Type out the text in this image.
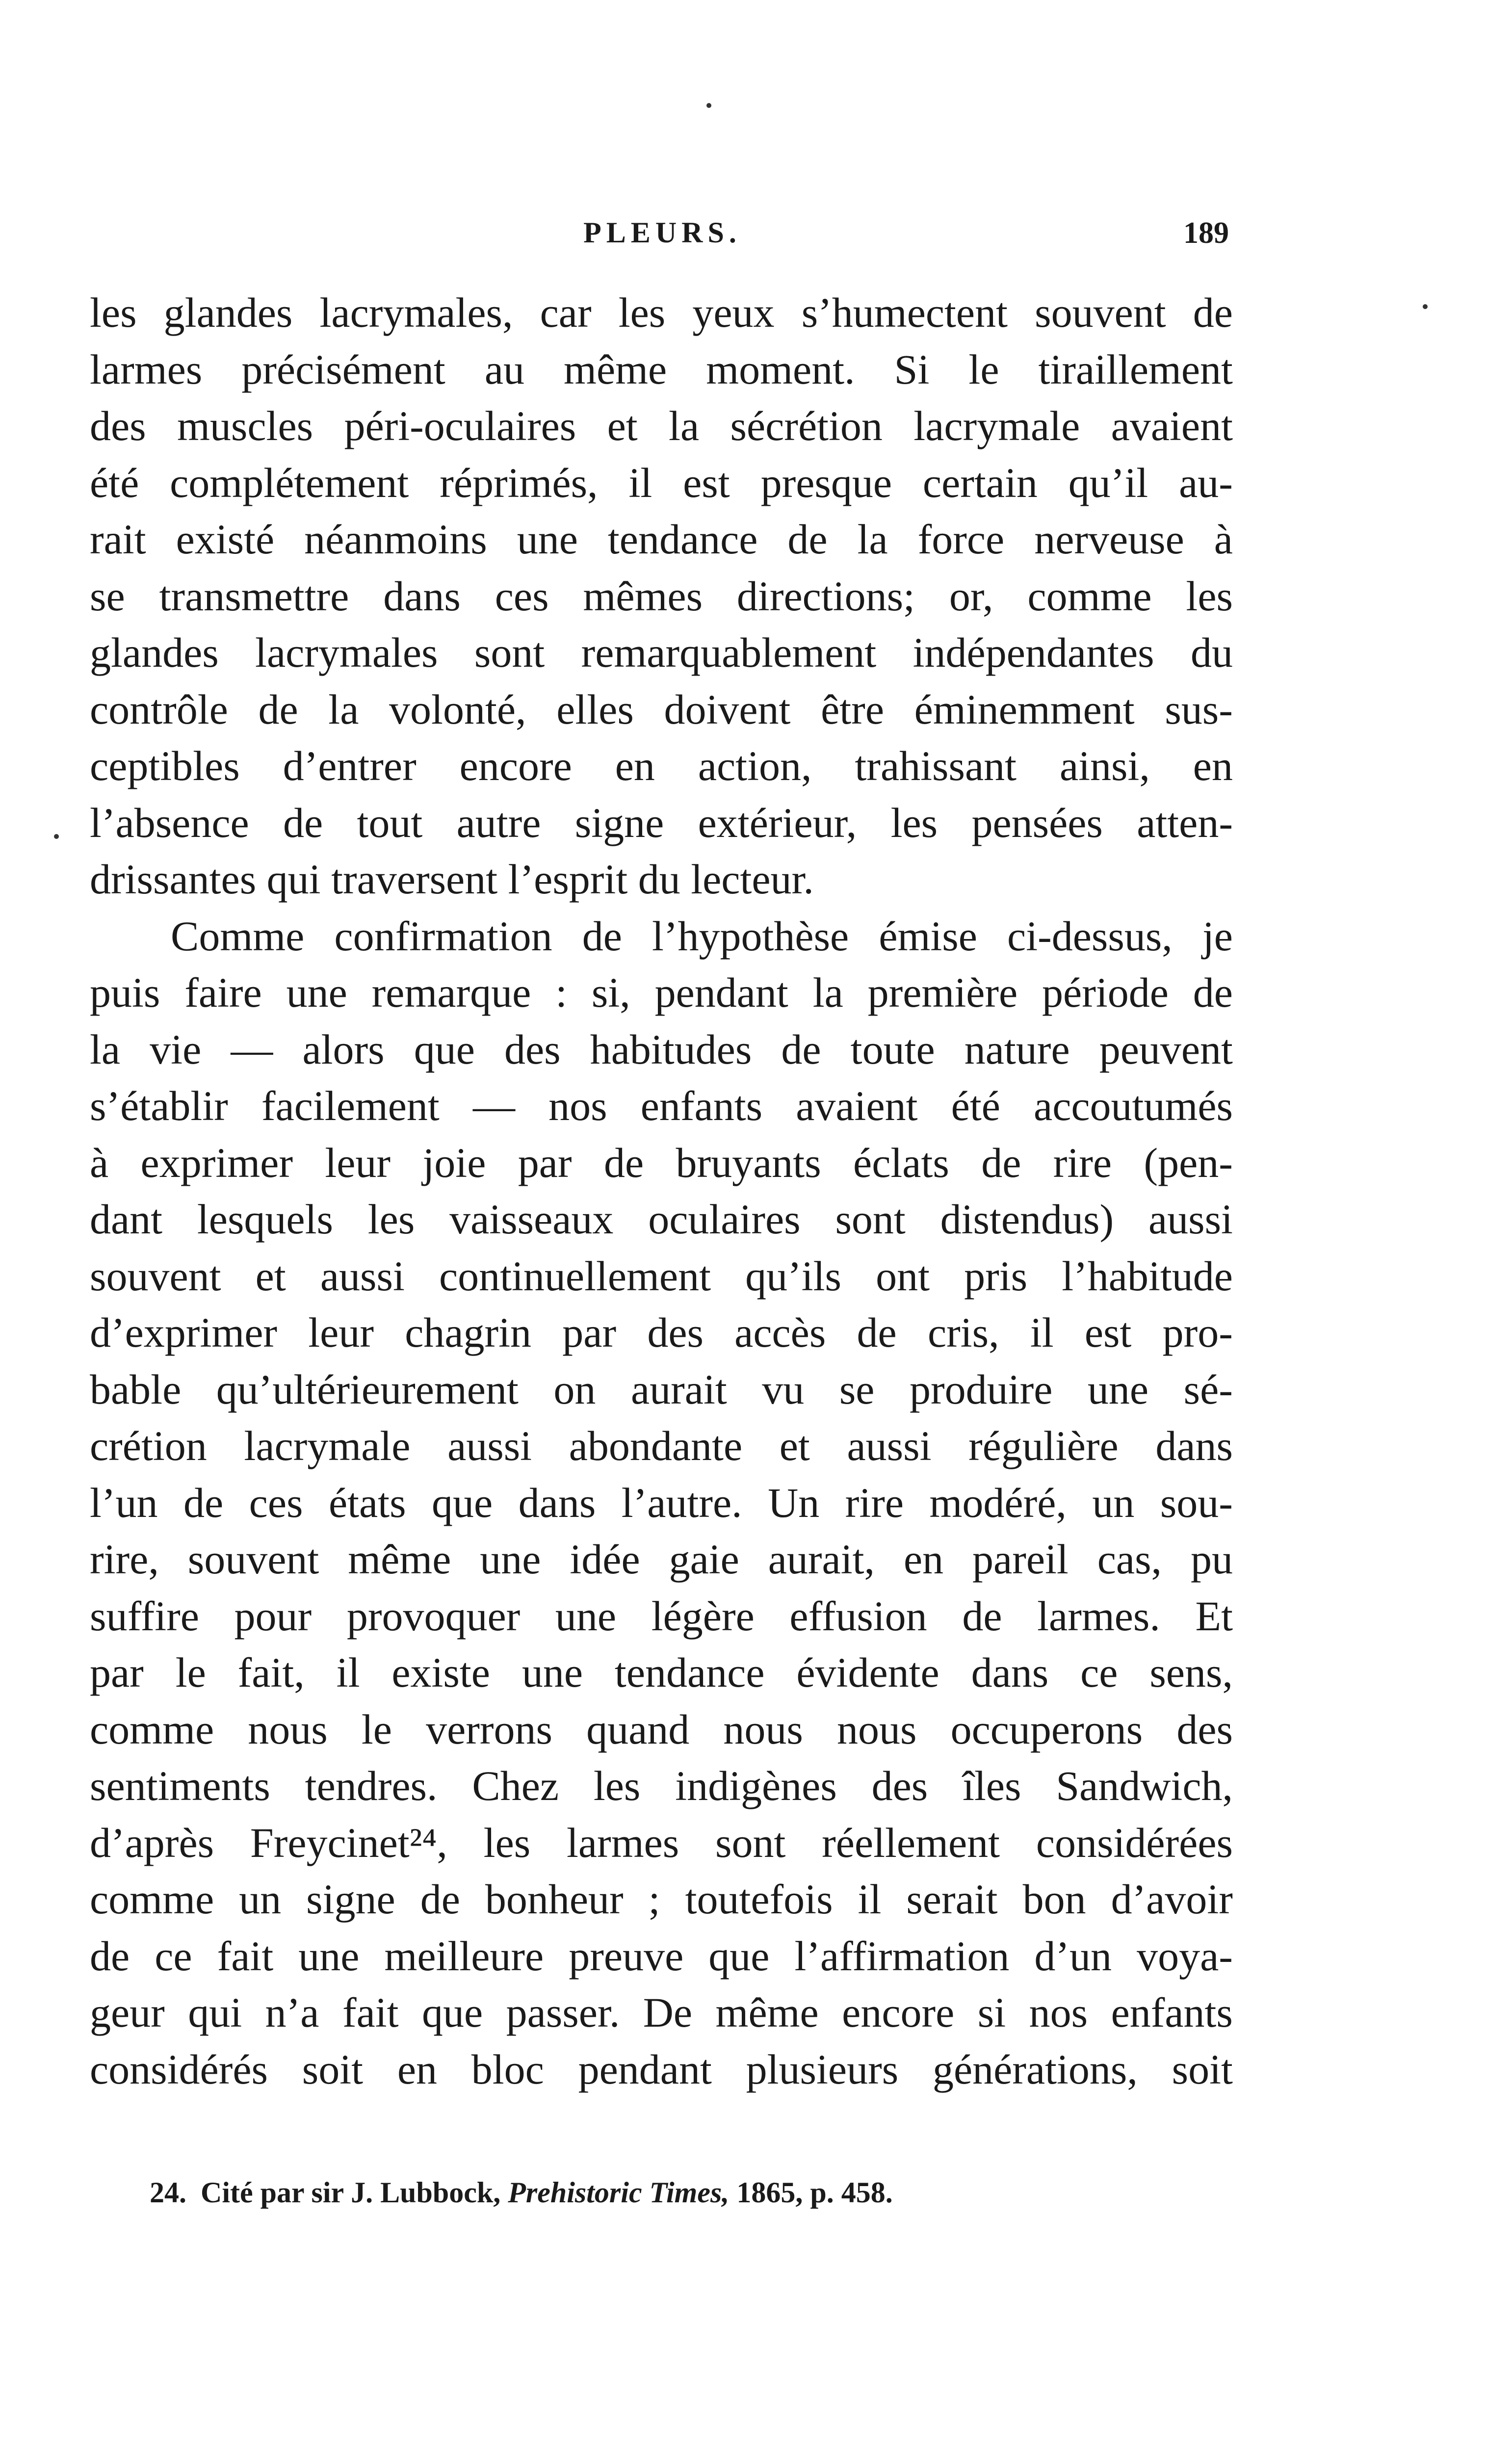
PLEURS.	189
les glandes lacrymales, car les yeux s’humectent souvent de
larmes précisément au même moment. Si le tiraillement
des muscles péri-oculaires et la sécrétion lacrymale avaient
été complétement réprimés, il est presque certain qu’il au-
rait existé néanmoins une tendance de la force nerveuse à
se transmettre dans ces mêmes directions; or, comme les
glandes lacrymales sont remarquablement indépendantes du
contrôle de la volonté, elles doivent être éminemment sus-
ceptibles d’entrer encore en action, trahissant ainsi, en
l’absence de tout autre signe extérieur, les pensées atten-
drissantes qui traversent l’esprit du lecteur.
Comme confirmation de l’hypothèse émise ci-dessus, je
puis faire une remarque : si, pendant la première période de
la vie — alors que des habitudes de toute nature peuvent
s’établir facilement — nos enfants avaient été accoutumés
à exprimer leur joie par de bruyants éclats de rire (pen-
dant lesquels les vaisseaux oculaires sont distendus) aussi
souvent et aussi continuellement qu’ils ont pris l’habitude
d’exprimer leur chagrin par des accès de cris, il est pro-
bable qu’ultérieurement on aurait vu se produire une sé-
crétion lacrymale aussi abondante et aussi régulière dans
l’un de ces états que dans l’autre. Un rire modéré, un sou-
rire, souvent même une idée gaie aurait, en pareil cas, pu
suffire pour provoquer une légère effusion de larmes. Et
par le fait, il existe une tendance évidente dans ce sens,
comme nous le verrons quand nous nous occuperons des
sentiments tendres. Chez les indigènes des îles Sandwich,
d’après Freycinet²⁴, les larmes sont réellement considérées
comme un signe de bonheur ; toutefois il serait bon d’avoir
de ce fait une meilleure preuve que l’affirmation d’un voya-
geur qui n’a fait que passer. De même encore si nos enfants
considérés soit en bloc pendant plusieurs générations, soit
24. Cité par sir J. Lubbock, Prehistoric Times, 1865, p. 458.
